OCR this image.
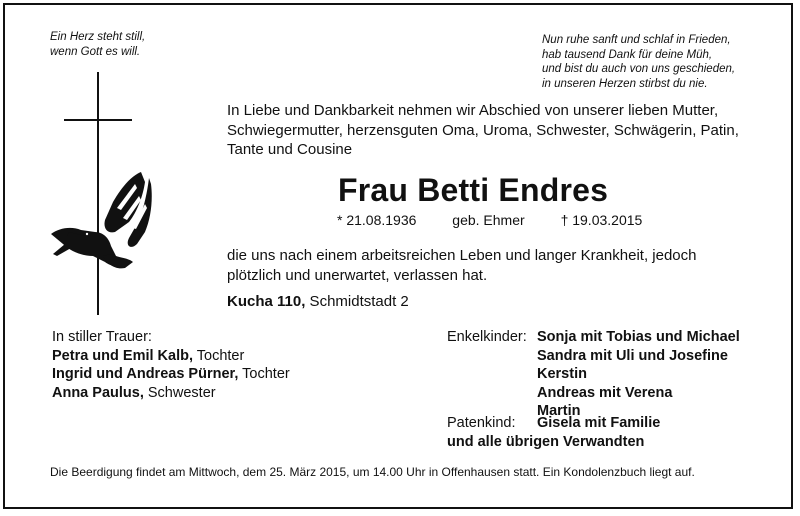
Ein Herz steht still,
wenn Gott es will.
Nun ruhe sanft und schlaf in Frieden,
hab tausend Dank für deine Müh,
und bist du auch von uns geschieden,
in unseren Herzen stirbst du nie.
In Liebe und Dankbarkeit nehmen wir Abschied von unserer lieben Mutter,
Schwiegermutter, herzensguten Oma, Uroma, Schwester, Schwägerin, Patin,
Tante und Cousine
Frau Betti Endres
* 21.08.1936	geb. Ehmer	† 19.03.2015
die uns nach einem arbeitsreichen Leben und langer Krankheit, jedoch
plötzlich und unerwartet, verlassen hat.
Kucha 110, Schmidtstadt 2
In stiller Trauer:
Petra und Emil Kalb, Tochter
Ingrid und Andreas Pürner, Tochter
Anna Paulus, Schwester
Enkelkinder: Sonja mit Tobias und Michael
Sandra mit Uli und Josefine
Kerstin
Andreas mit Verena
Martin
Patenkind: Gisela mit Familie
und alle übrigen Verwandten
Die Beerdigung findet am Mittwoch, dem 25. März 2015, um 14.00 Uhr in Offenhausen statt. Ein Kondolenzbuch liegt auf.
